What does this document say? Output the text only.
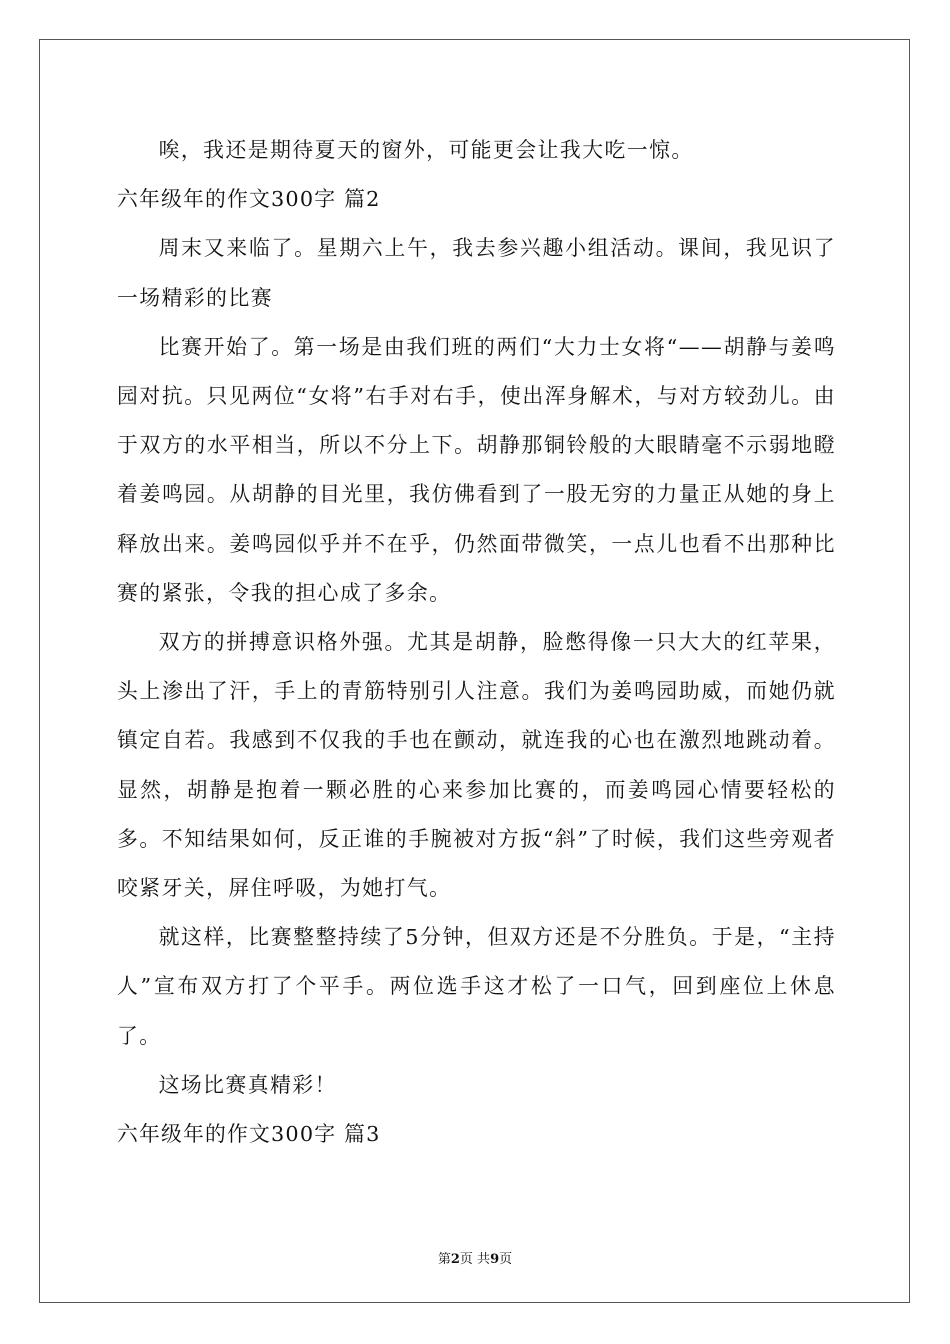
唉，我还是期待夏天的窗外，可能更会让我大吃一惊。

六年级年的作文300字 篇2

周末又来临了。星期六上午，我去参兴趣小组活动。课间，我见识了一场精彩的比赛

比赛开始了。第一场是由我们班的两们“大力士女将“——胡静与姜鸣园对抗。只见两位“女将”右手对右手，使出浑身解术，与对方较劲儿。由于双方的水平相当，所以不分上下。胡静那铜铃般的大眼睛毫不示弱地瞪着姜鸣园。从胡静的目光里，我仿佛看到了一股无穷的力量正从她的身上释放出来。姜鸣园似乎并不在乎，仍然面带微笑，一点儿也看不出那种比赛的紧张，令我的担心成了多余。

双方的拼搏意识格外强。尤其是胡静，脸憋得像一只大大的红苹果，头上渗出了汗，手上的青筋特别引人注意。我们为姜鸣园助威，而她仍就镇定自若。我感到不仅我的手也在颤动，就连我的心也在激烈地跳动着。显然，胡静是抱着一颗必胜的心来参加比赛的，而姜鸣园心情要轻松的多。不知结果如何，反正谁的手腕被对方扳“斜”了时候，我们这些旁观者咬紧牙关，屏住呼吸，为她打气。

就这样，比赛整整持续了5分钟，但双方还是不分胜负。于是，“主持人”宣布双方打了个平手。两位选手这才松了一口气，回到座位上休息了。

这场比赛真精彩！

六年级年的作文300字 篇3

第2页 共9页
